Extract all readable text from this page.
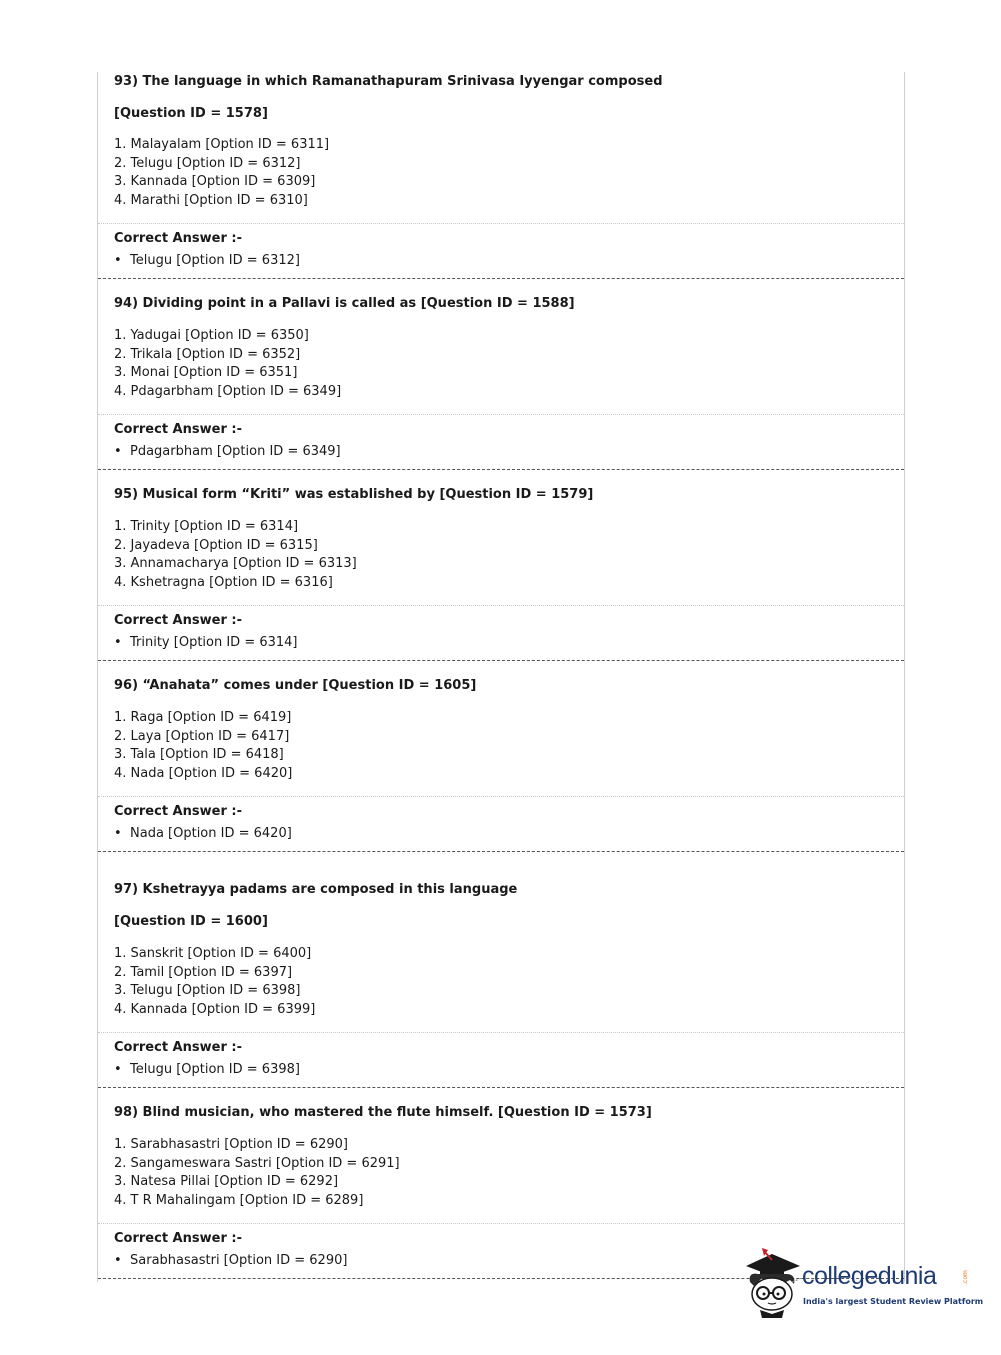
93) The language in which Ramanathapuram Srinivasa Iyyengar composed
[Question ID = 1578]
1. Malayalam [Option ID = 6311]
2. Telugu [Option ID = 6312]
3. Kannada [Option ID = 6309]
4. Marathi [Option ID = 6310]
Correct Answer :-
• Telugu [Option ID = 6312]
94) Dividing point in a Pallavi is called as [Question ID = 1588]
1. Yadugai [Option ID = 6350]
2. Trikala [Option ID = 6352]
3. Monai [Option ID = 6351]
4. Pdagarbham [Option ID = 6349]
Correct Answer :-
• Pdagarbham [Option ID = 6349]
95) Musical form “Kriti” was established by [Question ID = 1579]
1. Trinity [Option ID = 6314]
2. Jayadeva [Option ID = 6315]
3. Annamacharya [Option ID = 6313]
4. Kshetragna [Option ID = 6316]
Correct Answer :-
• Trinity [Option ID = 6314]
96) “Anahata” comes under [Question ID = 1605]
1. Raga [Option ID = 6419]
2. Laya [Option ID = 6417]
3. Tala [Option ID = 6418]
4. Nada [Option ID = 6420]
Correct Answer :-
• Nada [Option ID = 6420]
97) Kshetrayya padams are composed in this language
[Question ID = 1600]
1. Sanskrit [Option ID = 6400]
2. Tamil [Option ID = 6397]
3. Telugu [Option ID = 6398]
4. Kannada [Option ID = 6399]
Correct Answer :-
• Telugu [Option ID = 6398]
98) Blind musician, who mastered the flute himself. [Question ID = 1573]
1. Sarabhasastri [Option ID = 6290]
2. Sangameswara Sastri [Option ID = 6291]
3. Natesa Pillai [Option ID = 6292]
4. T R Mahalingam [Option ID = 6289]
Correct Answer :-
• Sarabhasastri [Option ID = 6290]
collegedunia	.com
India's largest Student Review Platform
